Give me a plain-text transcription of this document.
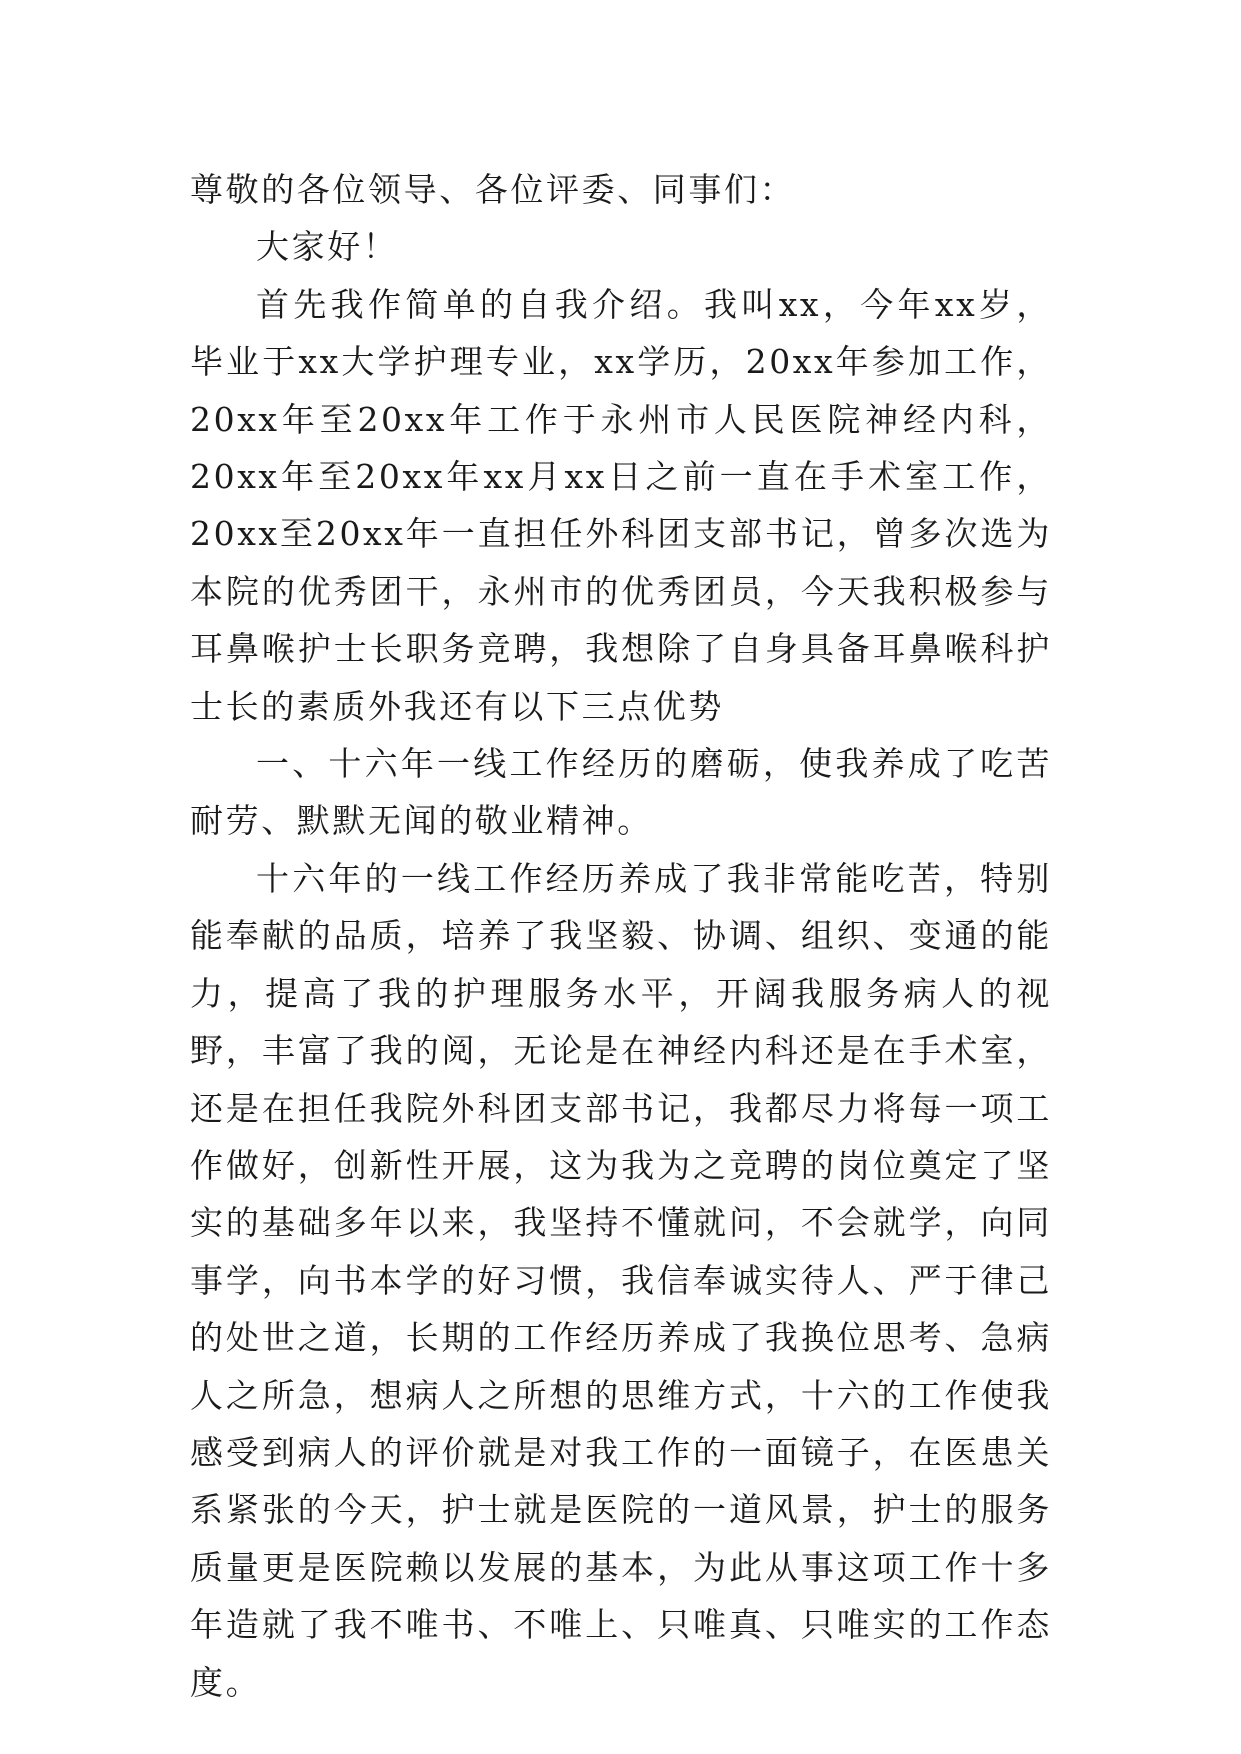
尊敬的各位领导、各位评委、同事们：

大家好！

首先我作简单的自我介绍。我叫xx，今年xx岁，毕业于xx大学护理专业，xx学历，20xx年参加工作，20xx年至20xx年工作于永州市人民医院神经内科，20xx年至20xx年xx月xx日之前一直在手术室工作，20xx至20xx年一直担任外科团支部书记，曾多次选为本院的优秀团干，永州市的优秀团员，今天我积极参与耳鼻喉护士长职务竞聘，我想除了自身具备耳鼻喉科护士长的素质外我还有以下三点优势

一、十六年一线工作经历的磨砺，使我养成了吃苦耐劳、默默无闻的敬业精神。

十六年的一线工作经历养成了我非常能吃苦，特别能奉献的品质，培养了我坚毅、协调、组织、变通的能力，提高了我的护理服务水平，开阔我服务病人的视野，丰富了我的阅，无论是在神经内科还是在手术室，还是在担任我院外科团支部书记，我都尽力将每一项工作做好，创新性开展，这为我为之竞聘的岗位奠定了坚实的基础多年以来，我坚持不懂就问，不会就学，向同事学，向书本学的好习惯，我信奉诚实待人、严于律己的处世之道，长期的工作经历养成了我换位思考、急病人之所急，想病人之所想的思维方式，十六的工作使我感受到病人的评价就是对我工作的一面镜子，在医患关系紧张的今天，护士就是医院的一道风景，护士的服务质量更是医院赖以发展的基本，为此从事这项工作十多年造就了我不唯书、不唯上、只唯真、只唯实的工作态度。
